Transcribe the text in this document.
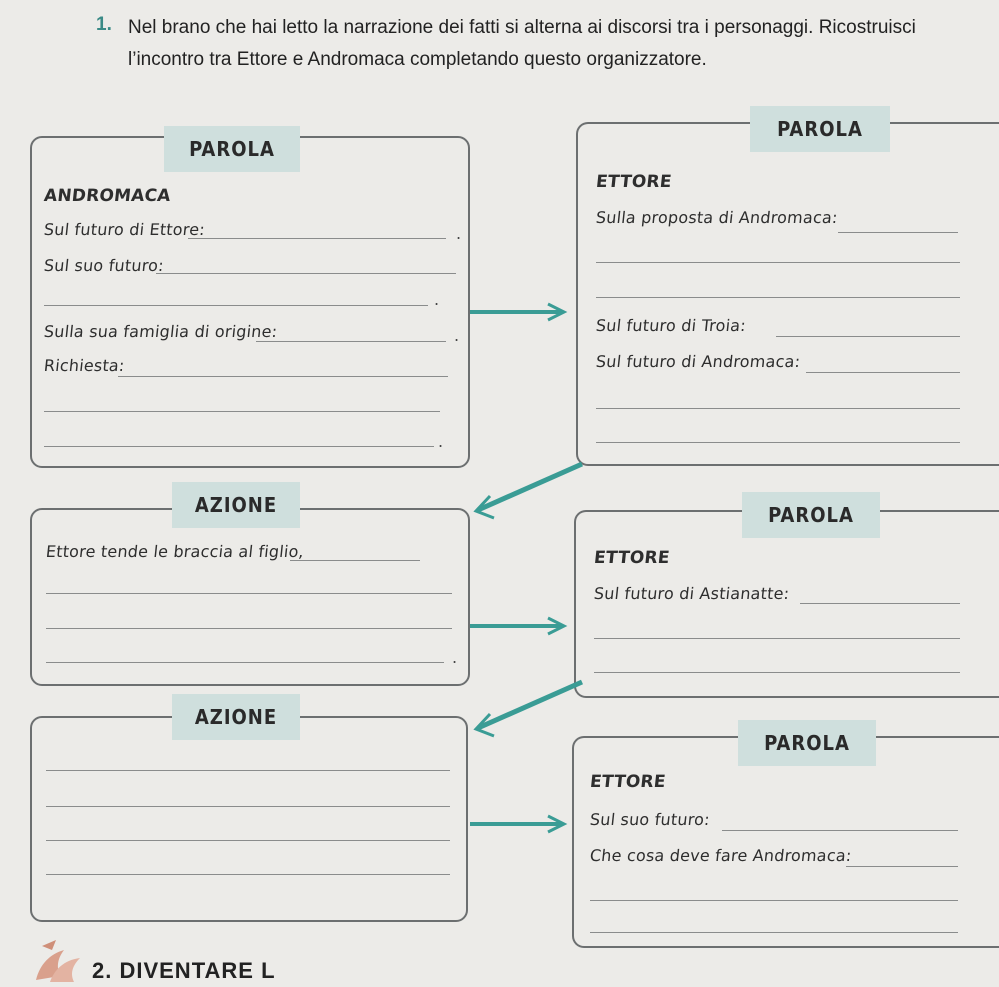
1. Nel brano che hai letto la narrazione dei fatti si alterna ai discorsi tra i personaggi. Ricostruisci
l’incontro tra Ettore e Andromaca completando questo organizzatore.
PAROLA
ANDROMACA
Sul futuro di Ettore:	.
Sul suo futuro:
.
Sulla sua famiglia di origine:	.
Richiesta:
.
PAROLA
ETTORE
Sulla proposta di Andromaca:
Sul futuro di Troia:
Sul futuro di Andromaca:
AZIONE
Ettore tende le braccia al figlio,
.
PAROLA
ETTORE
Sul futuro di Astianatte:
AZIONE
PAROLA
ETTORE
Sul suo futuro:
Che cosa deve fare Andromaca:
2. DIVENTARE L
